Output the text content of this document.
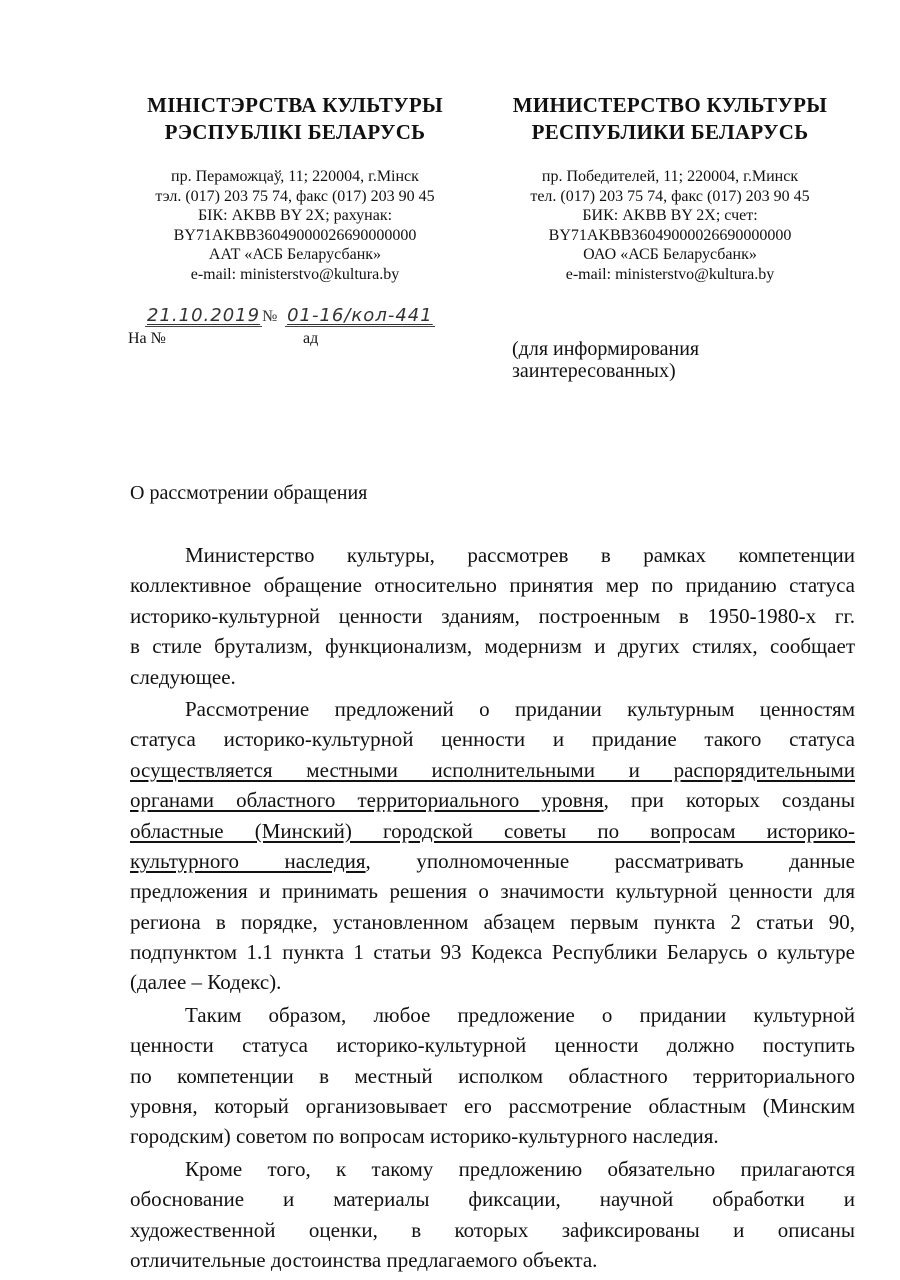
МІНІСТЭРСТВА КУЛЬТУРЫ
РЭСПУБЛІКІ БЕЛАРУСЬ
пр. Пераможцаў, 11; 220004, г.Мінск
тэл. (017) 203 75 74, факс (017) 203 90 45
БІК: AKBB BY 2X; рахунак:
BY71AKBB36049000026690000000
ААТ «АСБ Беларусбанк»
e-mail: ministerstvo@kultura.by
МИНИСТЕРСТВО КУЛЬТУРЫ
РЕСПУБЛИКИ БЕЛАРУСЬ
пр. Победителей, 11; 220004, г.Минск
тел. (017) 203 75 74, факс (017) 203 90 45
БИК: AKBB BY 2X; счет:
BY71AKBB36049000026690000000
ОАО «АСБ Беларусбанк»
e-mail: ministerstvo@kultura.by
21.10.2019 № 01-16/кол-441
На №	ад	(для информирования
заинтересованных)
О рассмотрении обращения
Министерство культуры, рассмотрев в рамках компетенции
коллективное обращение относительно принятия мер по приданию статуса
историко-культурной ценности зданиям, построенным в 1950-1980-х гг.
в стиле брутализм, функционализм, модернизм и других стилях, сообщает
следующее.
Рассмотрение предложений о придании культурным ценностям
статуса историко-культурной ценности и придание такого статуса
осуществляется местными исполнительными и распорядительными
органами областного территориального уровня, при которых созданы
областные (Минский) городской советы по вопросам историко-
культурного наследия, уполномоченные рассматривать данные
предложения и принимать решения о значимости культурной ценности для
региона в порядке, установленном абзацем первым пункта 2 статьи 90,
подпунктом 1.1 пункта 1 статьи 93 Кодекса Республики Беларусь о культуре
(далее – Кодекс).
Таким образом, любое предложение о придании культурной
ценности статуса историко-культурной ценности должно поступить
по компетенции в местный исполком областного территориального
уровня, который организовывает его рассмотрение областным (Минским
городским) советом по вопросам историко-культурного наследия.
Кроме того, к такому предложению обязательно прилагаются
обоснование и материалы фиксации, научной обработки и
художественной оценки, в которых зафиксированы и описаны
отличительные достоинства предлагаемого объекта.
